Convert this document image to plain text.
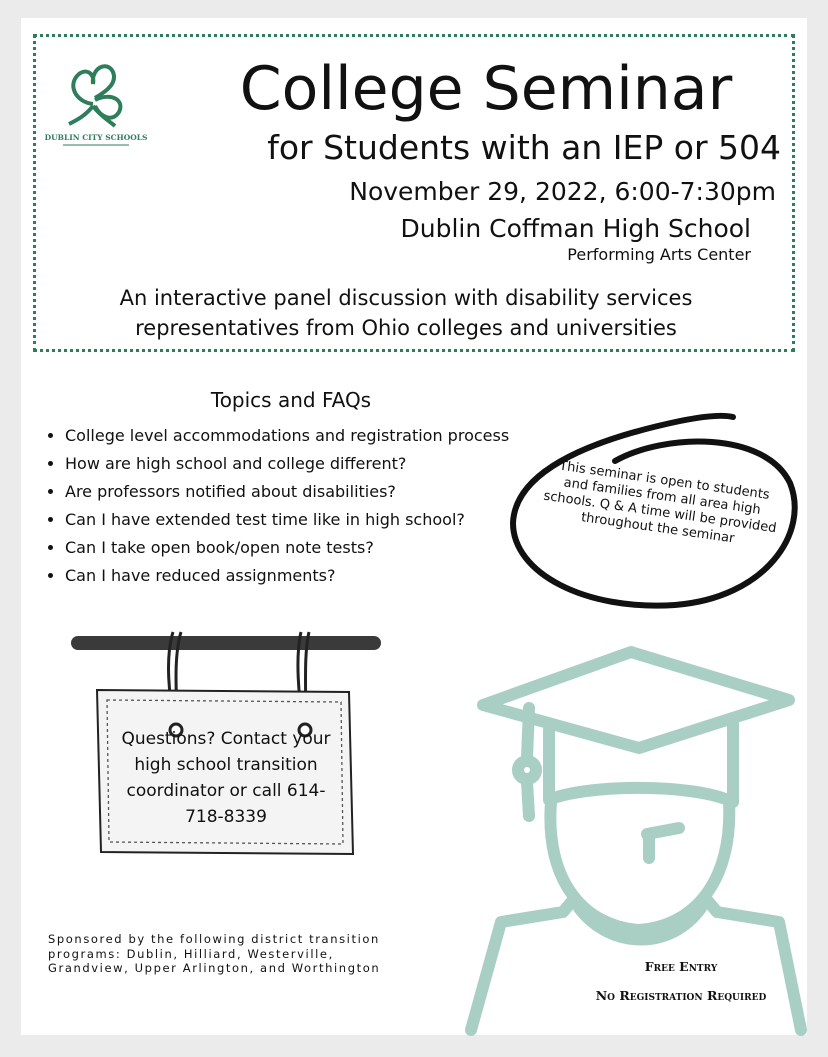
DUBLIN CITY SCHOOLS
College Seminar
for Students with an IEP or 504
November 29, 2022, 6:00-7:30pm
Dublin Coffman High School
Performing Arts Center
An interactive panel discussion with disability services representatives from Ohio colleges and universities
Topics and FAQs
• College level accommodations and registration process
• How are high school and college different?
• Are professors notified about disabilities?
• Can I have extended test time like in high school?
• Can I take open book/open note tests?
• Can I have reduced assignments?
This seminar is open to students and families from all area high schools. Q & A time will be provided throughout the seminar
Questions? Contact your high school transition coordinator or call 614-718-8339
Free Entry
No Registration Required
Sponsored by the following district transition programs: Dublin, Hilliard, Westerville, Grandview, Upper Arlington, and Worthington
